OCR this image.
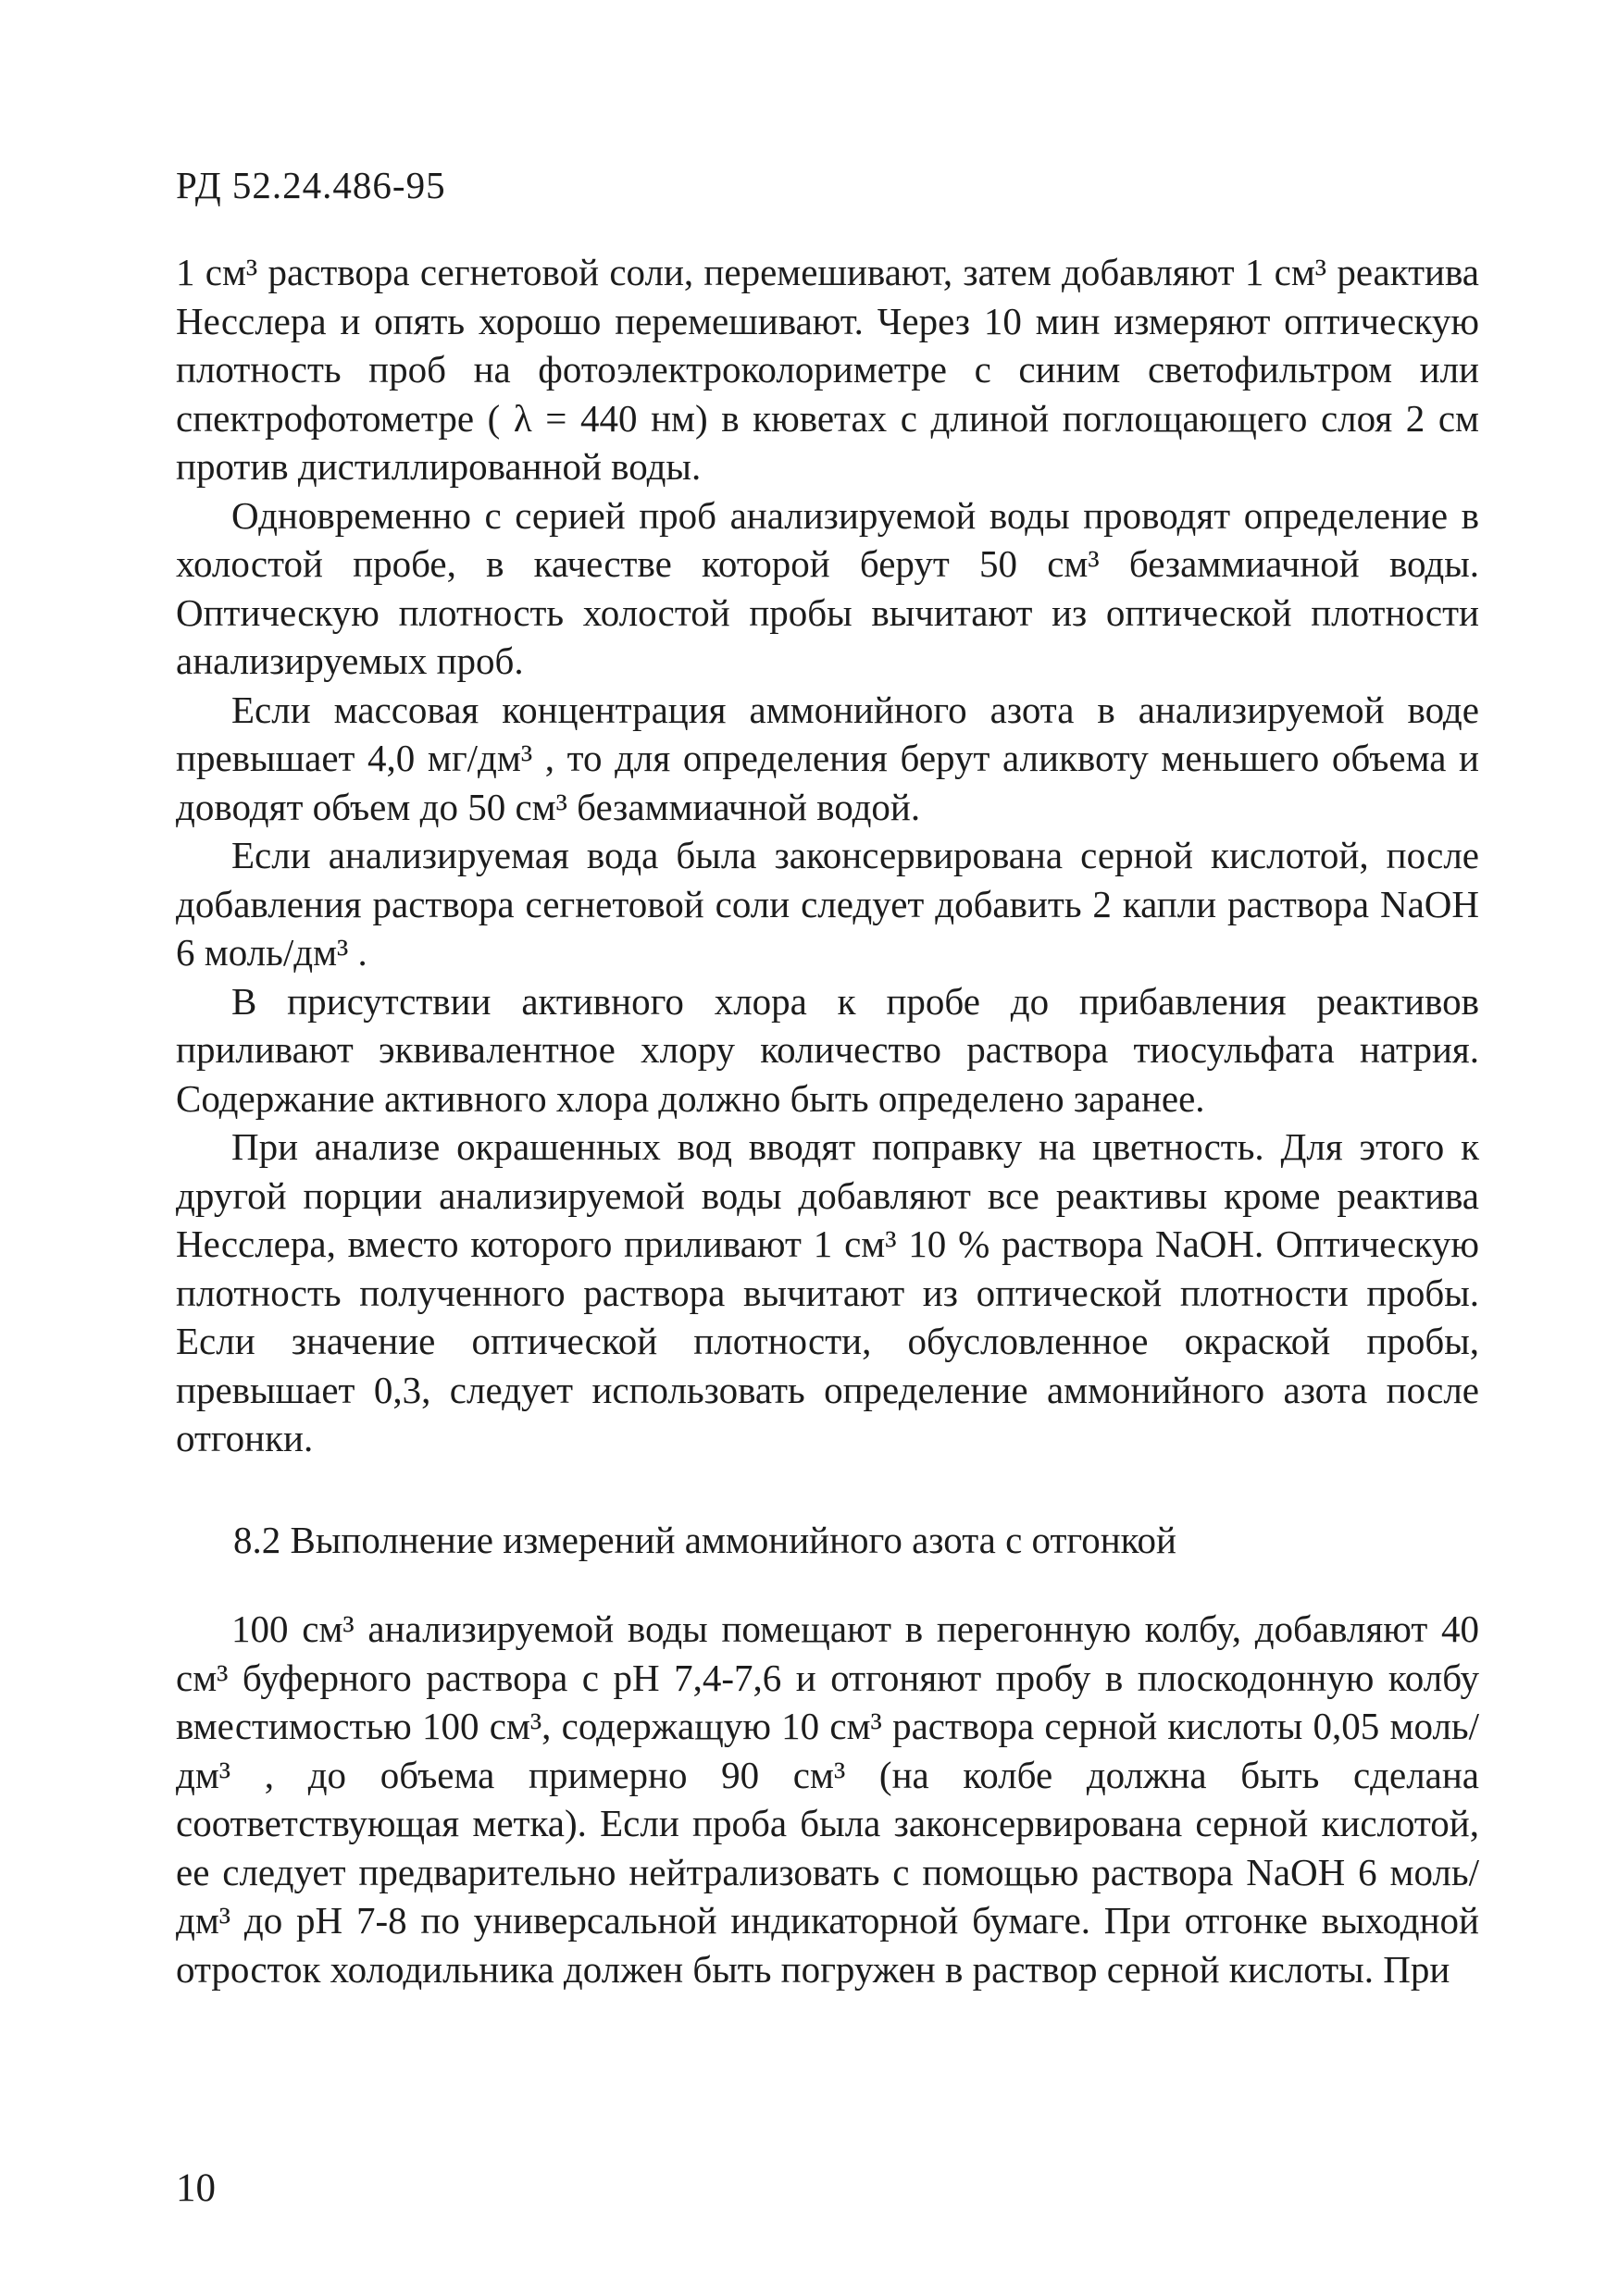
РД 52.24.486-95

1 см³ раствора сегнетовой соли, перемешивают, затем добавляют 1 см³ реактива Несслера и опять хорошо перемешивают. Через 10 мин измеряют оптическую плотность проб на фотоэлектроколориметре с синим светофильтром или спектрофотометре ( λ = 440 нм) в кюветах с длиной поглощающего слоя 2 см против дистиллированной воды.

Одновременно с серией проб анализируемой воды проводят определение в холостой пробе, в качестве которой берут 50 см³ безаммиачной воды. Оптическую плотность холостой пробы вычитают из оптической плотности анализируемых проб.

Если массовая концентрация аммонийного азота в анализируемой воде превышает 4,0 мг/дм³ , то для определения берут аликвоту меньшего объема и доводят объем до 50 см³ безаммиачной водой.

Если анализируемая вода была законсервирована серной кислотой, после добавления раствора сегнетовой соли следует добавить 2 капли раствора NaOH 6 моль/дм³ .

В присутствии активного хлора к пробе до прибавления реактивов приливают эквивалентное хлору количество раствора тиосульфата натрия. Содержание активного хлора должно быть определено заранее.

При анализе окрашенных вод вводят поправку на цветность. Для этого к другой порции анализируемой воды добавляют все реактивы кроме реактива Несслера, вместо которого приливают 1 см³ 10 % раствора NaOH. Оптическую плотность полученного раствора вычитают из оптической плотности пробы. Если значение оптической плотности, обусловленное окраской пробы, превышает 0,3, следует использовать определение аммонийного азота после отгонки.

8.2 Выполнение измерений аммонийного азота с отгонкой

100 см³ анализируемой воды помещают в перегонную колбу, добавляют 40 см³ буферного раствора с pH 7,4-7,6 и отгоняют пробу в плоскодонную колбу вместимостью 100 см³, содержащую 10 см³ раствора серной кислоты 0,05 моль/дм³ , до объема примерно 90 см³ (на колбе должна быть сделана соответствующая метка). Если проба была законсервирована серной кислотой, ее следует предварительно нейтрализовать с помощью раствора NaOH 6 моль/дм³ до pH 7-8 по универсальной индикаторной бумаге. При отгонке выходной отросток холодильника должен быть погружен в раствор серной кислоты. При

10
